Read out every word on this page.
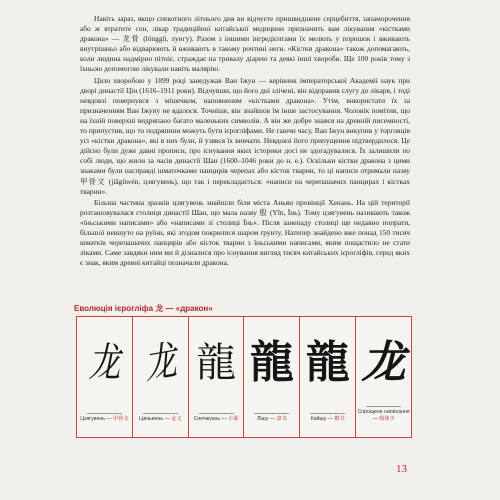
Навіть зараз, якщо спекотного літнього дня ви відчуєте пришвидшене серцебиття, запаморочення або ж втратите сон, лікар традиційної китайської медицини призначить вам лікування «кістками дракона» — 龙骨 (lónggǔ, лунгу). Разом з іншими інгредієнтами їх мелють у порошок і вживають внутрішньо або відварюють й вживають в такому рочтині неги. «Кістки дракона» також допомагають, коли людина надмірно пітніє, страждає на тривалу діарею та деякі інші хвороби. Ще 100 років тому з їхньою допомогою лікували навіть малярію.

Цією хворобою у 1899 році занедужав Ван Іжун — керівник імператорської Академії наук при дворі династії Цін (1616–1911 роки). Відчувши, що його дні злічені, він відправив слугу до лікаря, і тоді невдовзі повернувся з мішечком, наповненим «кістками дракона». Утім, використати їх за призначенням Ван Іжуну не вдалося. Точніше, він знайшов їм інше застосування. Чоловік помітив, що на їхній поверхні видряпано багато маленьких символів. А він же добре знався на древній писемності, то припустив, що то подряпини можуть бути ієрогліфами. Не гаючи часу, Ван Іжун викупив у торговців усі «кістки дракона», які в них були, й узявся їх вивчати. Невдовзі його припущення підтвердилося. Це дійсно були дуже давні прописи, про існування яких історики досі не здогадувалися. Їх залишили по собі люди, що жили за часів династії Шан (1600–1046 роки до н. е.). Оскільки кістки дракона з цими знаками були насправді шматочками панцирів черепах або кісток тварин, то ці написи отримали назву 甲骨文 (jiǎgǔwén, цзягувень), що так і перекладається: «написи на черепашачих панцирах і кістках тварин».

Більша частина зразків цзягувень знайшли біля міста Аньян провінції Хенань. На цій території розташовувалася столиця династії Шан, що мала назву 殷 (Yīn, Їнь). Тому цзягувень називають також «їньськими написами» або «написами зі столиці Їнь». Після занепаду столиці ще недавно попрати, більшої невшуто на руїни, які згодом покрилися шаром ґрунту. Натепер знайдено вже понад 150 тисяч шматків черепашачих панцирів або кісток тварин з їньськими написами, яким пощастило не стати ліками. Саме завдяки ним ми й дізналися про існування вигляд тисяч китайських ієрогліфів, серед яких є знак, яким древні китайці позначали дракона.

Еволюція ієрогліфа 龙 — «дракон»
龙
Цзягувень — 甲骨文
龙
Цзіньвень — 金文
龍
Сяочжуань — 小篆
龍
Лішу — 隶书
龍
Кайшу — 楷书
龙
Спрощене написання — 简体字
13
